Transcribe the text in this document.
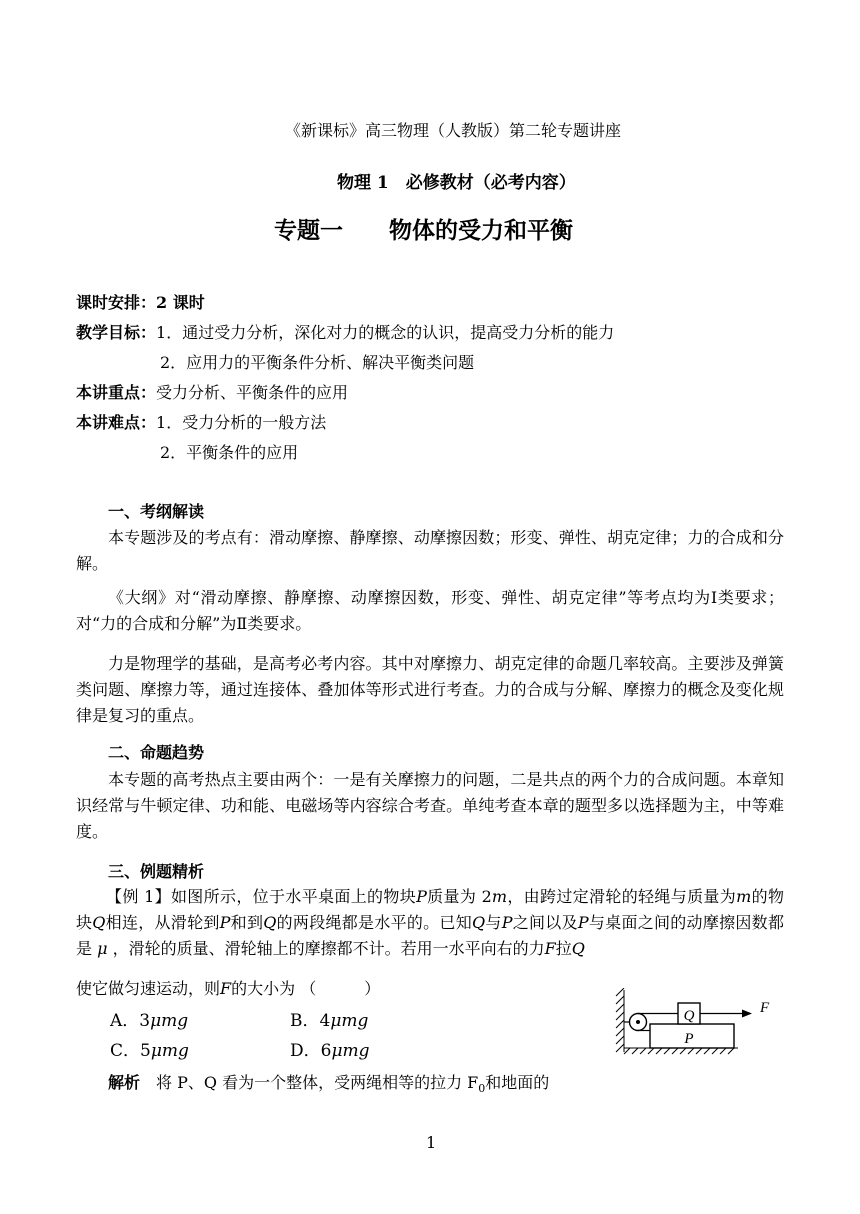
《新课标》高三物理（人教版）第二轮专题讲座
物理 1　必修教材（必考内容）
专题一　　物体的受力和平衡
课时安排：2 课时
教学目标：1．通过受力分析，深化对力的概念的认识，提高受力分析的能力
2．应用力的平衡条件分析、解决平衡类问题
本讲重点：受力分析、平衡条件的应用
本讲难点：1．受力分析的一般方法
2．平衡条件的应用
一、考纲解读
本专题涉及的考点有：滑动摩擦、静摩擦、动摩擦因数；形变、弹性、胡克定律；力的合成和分解。
《大纲》对“滑动摩擦、静摩擦、动摩擦因数，形变、弹性、胡克定律”等考点均为Ⅰ类要求；对“力的合成和分解”为Ⅱ类要求。
力是物理学的基础，是高考必考内容。其中对摩擦力、胡克定律的命题几率较高。主要涉及弹簧类问题、摩擦力等，通过连接体、叠加体等形式进行考查。力的合成与分解、摩擦力的概念及变化规律是复习的重点。
二、命题趋势
本专题的高考热点主要由两个：一是有关摩擦力的问题，二是共点的两个力的合成问题。本章知识经常与牛顿定律、功和能、电磁场等内容综合考查。单纯考查本章的题型多以选择题为主，中等难度。
三、例题精析
【例 1】如图所示，位于水平桌面上的物块P质量为 2m，由跨过定滑轮的轻绳与质量为m的物块Q相连，从滑轮到P和到Q的两段绳都是水平的。已知Q与P之间以及P与桌面之间的动摩擦因数都是 μ ，滑轮的质量、滑轮轴上的摩擦都不计。若用一水平向右的力F拉Q
使它做匀速运动，则F的大小为 （　　　）
A．3μmg	B．4μmg
C．5μmg	D．6μmg
解析　 将 P、Q 看为一个整体，受两绳相等的拉力 $F_0$和地面的
Q
P
F
1
